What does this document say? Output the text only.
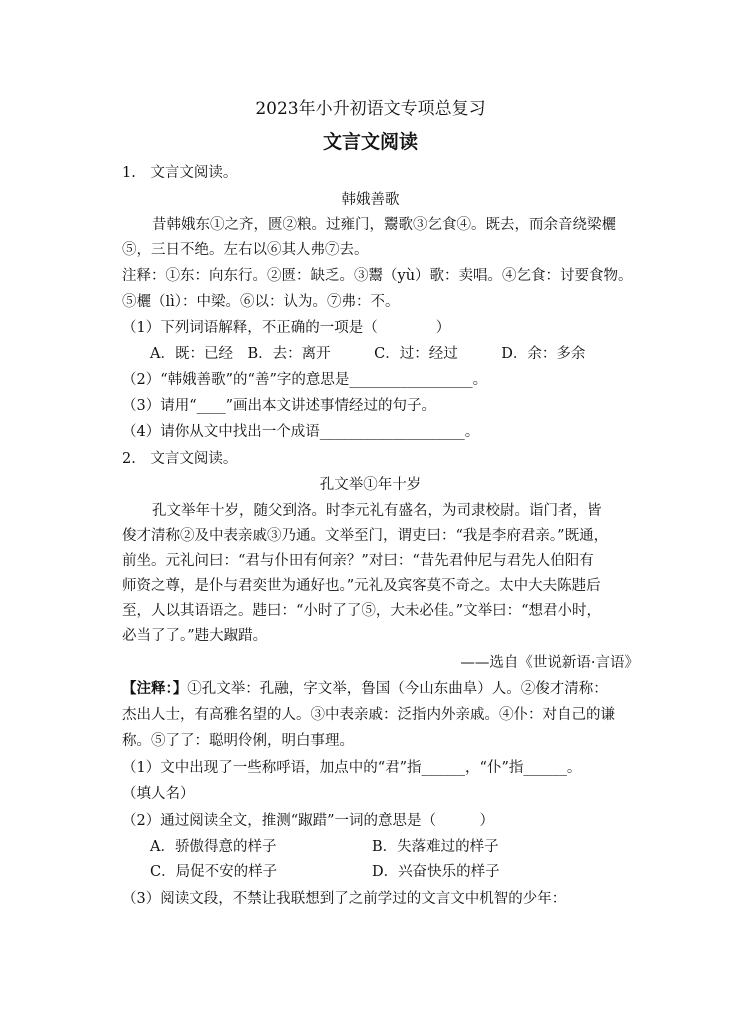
2023年小升初语文专项总复习
文言文阅读
1.　文言文阅读。
韩娥善歌
昔韩娥东①之齐，匮②粮。过雍门，鬻歌③乞食④。既去，而余音绕梁欐
⑤，三日不绝。左右以⑥其人弗⑦去。
注释：①东：向东行。②匮：缺乏。③鬻（yù）歌：卖唱。④乞食：讨要食物。
⑤欐（lì）：中梁。⑥以：认为。⑦弗：不。
（1）下列词语解释，不正确的一项是（　　　　）
A．既：已经　B．去：离开　　　C．过：经过　　　D．余：多余
（2）“韩娥善歌”的“善”字的意思是_________________。
（3）请用“____”画出本文讲述事情经过的句子。
（4）请你从文中找出一个成语____________________。
2.　文言文阅读。
孔文举①年十岁
孔文举年十岁，随父到洛。时李元礼有盛名，为司隶校尉。诣门者，皆
俊才清称②及中表亲戚③乃通。文举至门，谓吏曰：“我是李府君亲。”既通，
前坐。元礼问曰：“君与仆田有何亲？”对曰：“昔先君仲尼与君先人伯阳有
师资之尊，是仆与君奕世为通好也。”元礼及宾客莫不奇之。太中大夫陈韪后
至，人以其语语之。韪曰：“小时了了⑤，大未必佳。”文举曰：“想君小时，
必当了了。”韪大踧踖。
——选自《世说新语·言语》
【注释：】①孔文举：孔融，字文举，鲁国（今山东曲阜）人。②俊才清称：
杰出人士，有高雅名望的人。③中表亲戚：泛指内外亲戚。④仆：对自己的谦
称。⑤了了：聪明伶俐，明白事理。
（1）文中出现了一些称呼语，加点中的“君”指______，“仆”指______。
（填人名）
（2）通过阅读全文，推测“踧踖”一词的意思是（　　　）
A．骄傲得意的样子	B．失落难过的样子
C．局促不安的样子	D．兴奋快乐的样子
（3）阅读文段，不禁让我联想到了之前学过的文言文中机智的少年：
